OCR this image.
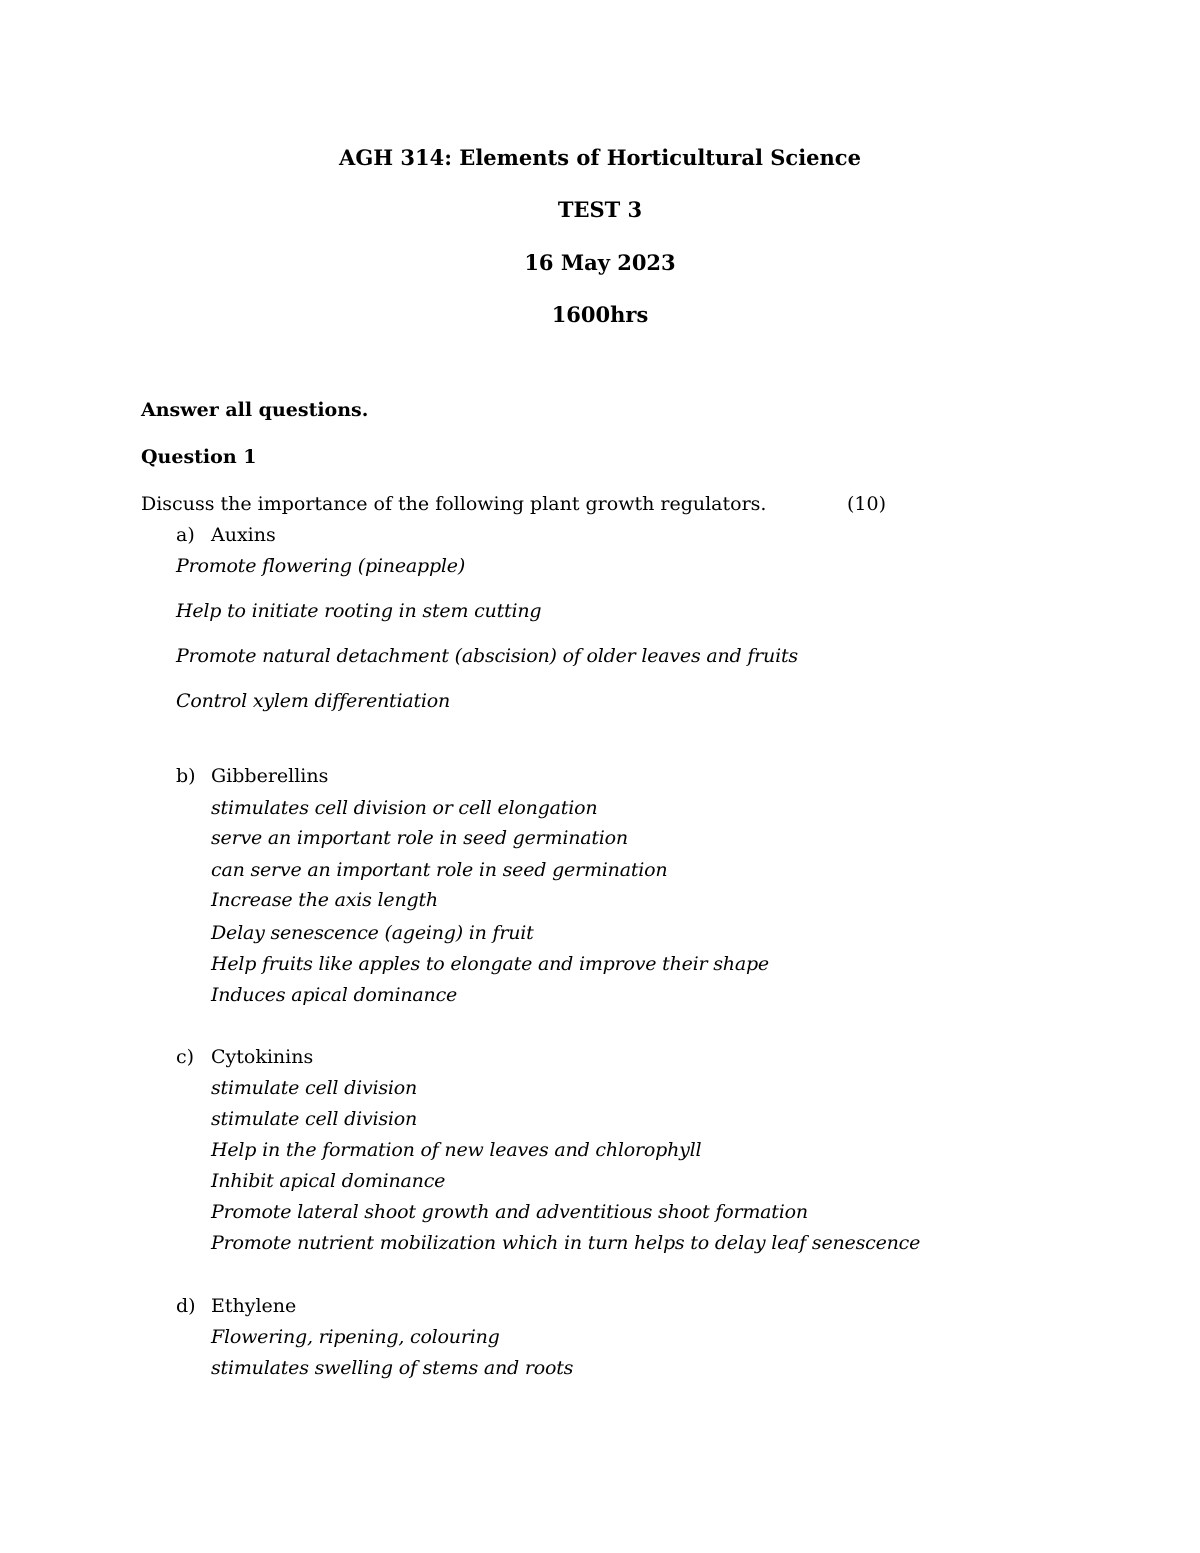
AGH 314: Elements of Horticultural Science
TEST 3
16 May 2023
1600hrs
Answer all questions.
Question 1
Discuss the importance of the following plant growth regulators.	(10)
a) Auxins
Promote flowering (pineapple)
Help to initiate rooting in stem cutting
Promote natural detachment (abscision) of older leaves and fruits
Control xylem differentiation
b) Gibberellins
stimulates cell division or cell elongation
serve an important role in seed germination
can serve an important role in seed germination
Increase the axis length
Delay senescence (ageing) in fruit
Help fruits like apples to elongate and improve their shape
Induces apical dominance
c) Cytokinins
stimulate cell division
stimulate cell division
Help in the formation of new leaves and chlorophyll
Inhibit apical dominance
Promote lateral shoot growth and adventitious shoot formation
Promote nutrient mobilization which in turn helps to delay leaf senescence
d) Ethylene
Flowering, ripening, colouring
stimulates swelling of stems and roots
